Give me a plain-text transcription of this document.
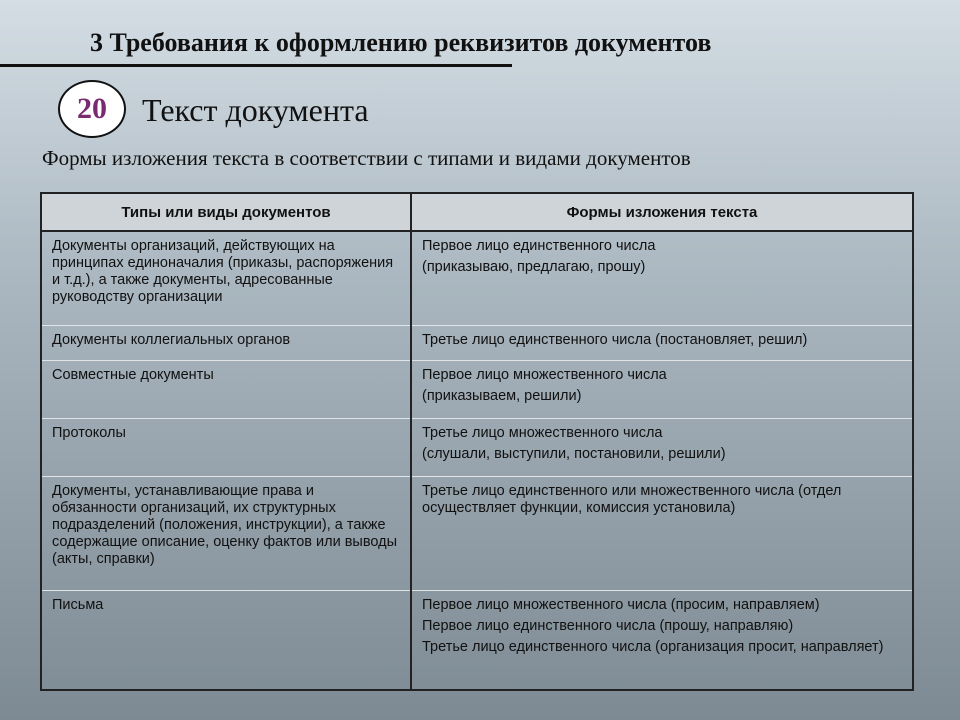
3 Требования к оформлению реквизитов документов
20 Текст документа
Формы изложения текста в соответствии с типами и видами документов
Типы или виды документов	Формы изложения текста
Документы организаций, действующих на принципах единоначалия (приказы, распоряжения и т.д.), а также документы, адресованные руководству организации	Первое лицо единственного числа
(приказываю, предлагаю, прошу)

Документы коллегиальных органов	Третье лицо единственного числа (постановляет, решил)

Совместные документы	Первое лицо множественного числа
(приказываем, решили)

Протоколы	Третье лицо множественного числа
(слушали, выступили, постановили, решили)

Документы, устанавливающие права и обязанности организаций, их структурных подразделений (положения, инструкции), а также содержащие описание, оценку фактов или выводы (акты, справки)	Третье лицо единственного или множественного числа (отдел осуществляет функции, комиссия установила)

Письма	Первое лицо множественного числа (просим, направляем)
Первое лицо единственного числа (прошу, направляю)
Третье лицо единственного числа (организация просит, направляет)
